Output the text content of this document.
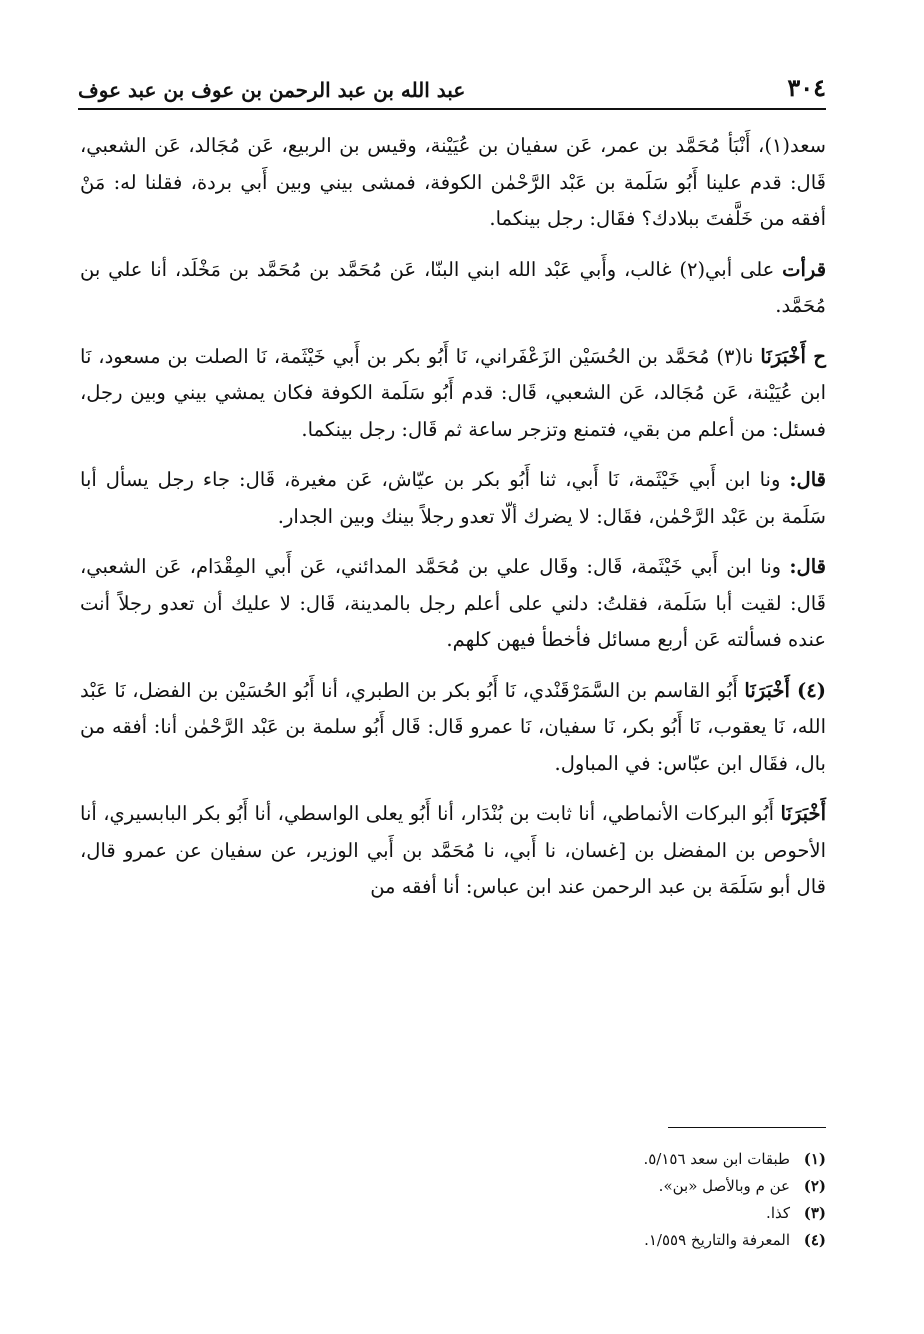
٣٠٤
عبد الله بن عبد الرحمن بن عوف بن عبد عوف

سعد(١)، أَنْبَأ مُحَمَّد بن عمر، عَن سفيان بن عُيَيْنة، وقيس بن الربيع، عَن مُجَالد، عَن الشعبي، قَال: قدم علينا أَبُو سَلَمة بن عَبْد الرَّحْمٰن الكوفة، فمشى بيني وبين أَبي بردة، فقلنا له: مَنْ أفقه من خَلَّفتَ ببلادك؟ فقَال: رجل بينكما.

قرأت على أبي(٢) غالب، وأَبي عَبْد الله ابني البنّا، عَن مُحَمَّد بن مُحَمَّد بن مَخْلَد، أنا علي بن مُحَمَّد.

ح أَخْبَرَنَا نا(٣) مُحَمَّد بن الحُسَيْن الزَعْفَراني، نَا أَبُو بكر بن أَبي خَيْثَمة، نَا الصلت بن مسعود، نَا ابن عُيَيْنة، عَن مُجَالد، عَن الشعبي، قَال: قدم أَبُو سَلَمة الكوفة فكان يمشي بيني وبين رجل، فسئل: من أعلم من بقي، فتمنع وتزجر ساعة ثم قَال: رجل بينكما.

قال: ونا ابن أَبي خَيْثَمة، نَا أَبي، ثنا أَبُو بكر بن عيّاش، عَن مغيرة، قَال: جاء رجل يسأل أبا سَلَمة بن عَبْد الرَّحْمٰن، فقَال: لا يضرك ألّا تعدو رجلاً بينك وبين الجدار.

قال: ونا ابن أَبي خَيْثَمة، قَال: وقَال علي بن مُحَمَّد المدائني، عَن أَبي المِقْدَام، عَن الشعبي، قَال: لقيت أبا سَلَمة، فقلتُ: دلني على أعلم رجل بالمدينة، قَال: لا عليك أن تعدو رجلاً أنت عنده فسألته عَن أربع مسائل فأخطأ فيهن كلهم.

(٤) أَخْبَرَنَا أَبُو القاسم بن السَّمَرْقَنْدي، نَا أَبُو بكر بن الطبري، أنا أَبُو الحُسَيْن بن الفضل، نَا عَبْد الله، نَا يعقوب، نَا أَبُو بكر، نَا سفيان، نَا عمرو قَال: قَال أَبُو سلمة بن عَبْد الرَّحْمٰن أنا: أفقه من بال، فقَال ابن عبّاس: في المباول.

أَخْبَرَنَا أَبُو البركات الأنماطي، أنا ثابت بن بُنْدَار، أنا أَبُو يعلى الواسطي، أنا أَبُو بكر البابسيري، أنا الأحوص بن المفضل بن [غسان، نا أَبي، نا مُحَمَّد بن أَبي الوزير، عن سفيان عن عمرو قال، قال أبو سَلَمَة بن عبد الرحمن عند ابن عباس: أنا أفقه من

(١)
طبقات ابن سعد ٥/١٥٦.
(٢)
عن م وبالأصل «بن».
(٣)
كذا.
(٤)
المعرفة والتاريخ ١/٥٥٩.
